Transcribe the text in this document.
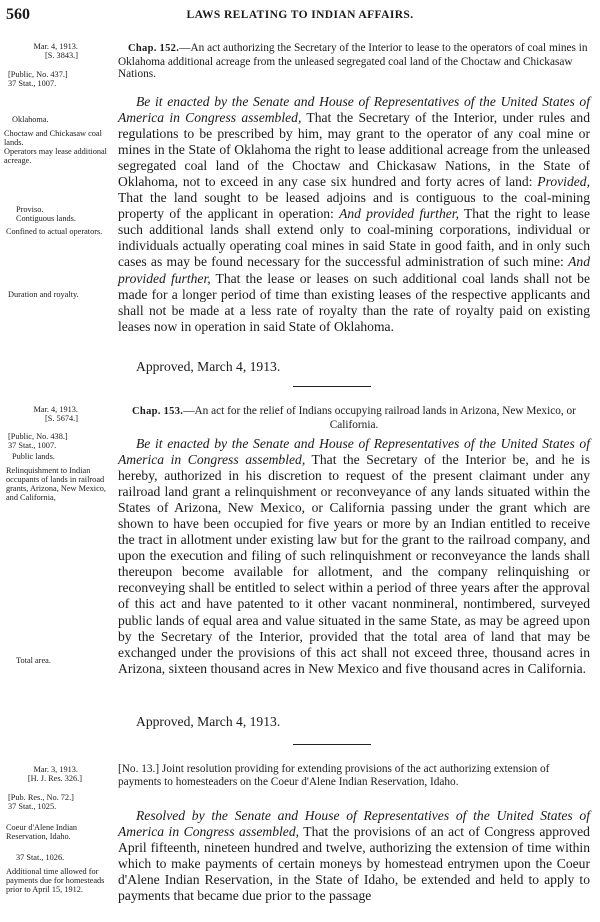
560	LAWS RELATING TO INDIAN AFFAIRS.
Mar. 4, 1913.
[S. 3843.]
[Public, No. 437.]
37 Stat., 1007.
Chap. 152.—An act authorizing the Secretary of the Interior to lease to the operators of coal mines in Oklahoma additional acreage from the unleased segregated coal land of the Choctaw and Chickasaw Nations.
Oklahoma.
Choctaw and Chickasaw coal lands.
Operators may lease additional acreage.
Proviso.
Contiguous lands.
Confined to actual operators.
Duration and royalty.
Be it enacted by the Senate and House of Representatives of the United States of America in Congress assembled, That the Secretary of the Interior, under rules and regulations to be prescribed by him, may grant to the operator of any coal mine or mines in the State of Oklahoma the right to lease additional acreage from the unleased segregated coal land of the Choctaw and Chickasaw Nations, in the State of Oklahoma, not to exceed in any case six hundred and forty acres of land: Provided, That the land sought to be leased adjoins and is contiguous to the coal-mining property of the applicant in operation: And provided further, That the right to lease such additional lands shall extend only to coal-mining corporations, individual or individuals actually operating coal mines in said State in good faith, and in only such cases as may be found necessary for the successful administration of such mine: And provided further, That the lease or leases on such additional coal lands shall not be made for a longer period of time than existing leases of the respective applicants and shall not be made at a less rate of royalty than the rate of royalty paid on existing leases now in operation in said State of Oklahoma.
Approved, March 4, 1913.
Mar. 4, 1913.
[S. 5674.]
[Public, No. 438.]
37 Stat., 1007.
Chap. 153.—An act for the relief of Indians occupying railroad lands in Arizona, New Mexico, or California.
Public lands.
Relinquishment to Indian occupants of lands in railroad grants, Arizona, New Mexico, and California,
Total area.
Be it enacted by the Senate and House of Representatives of the United States of America in Congress assembled, That the Secretary of the Interior be, and he is hereby, authorized in his discretion to request of the present claimant under any railroad land grant a relinquishment or reconveyance of any lands situated within the States of Arizona, New Mexico, or California passing under the grant which are shown to have been occupied for five years or more by an Indian entitled to receive the tract in allotment under existing law but for the grant to the railroad company, and upon the execution and filing of such relinquishment or reconveyance the lands shall thereupon become available for allotment, and the company relinquishing or reconveying shall be entitled to select within a period of three years after the approval of this act and have patented to it other vacant nonmineral, nontimbered, surveyed public lands of equal area and value situated in the same State, as may be agreed upon by the Secretary of the Interior, provided that the total area of land that may be exchanged under the provisions of this act shall not exceed three, thousand acres in Arizona, sixteen thousand acres in New Mexico and five thousand acres in California.
Approved, March 4, 1913.
Mar. 3, 1913.
[H. J. Res. 326.]
[Pub. Res., No. 72.]
37 Stat., 1025.
[No. 13.] Joint resolution providing for extending provisions of the act authorizing extension of payments to homesteaders on the Coeur d'Alene Indian Reservation, Idaho.
Coeur d'Alene Indian Reservation, Idaho.
37 Stat., 1026.
Additional time allowed for payments due for homesteads prior to April 15, 1912.
Resolved by the Senate and House of Representatives of the United States of America in Congress assembled, That the provisions of an act of Congress approved April fifteenth, nineteen hundred and twelve, authorizing the extension of time within which to make payments of certain moneys by homestead entrymen upon the Coeur d'Alene Indian Reservation, in the State of Idaho, be extended and held to apply to payments that became due prior to the passage
